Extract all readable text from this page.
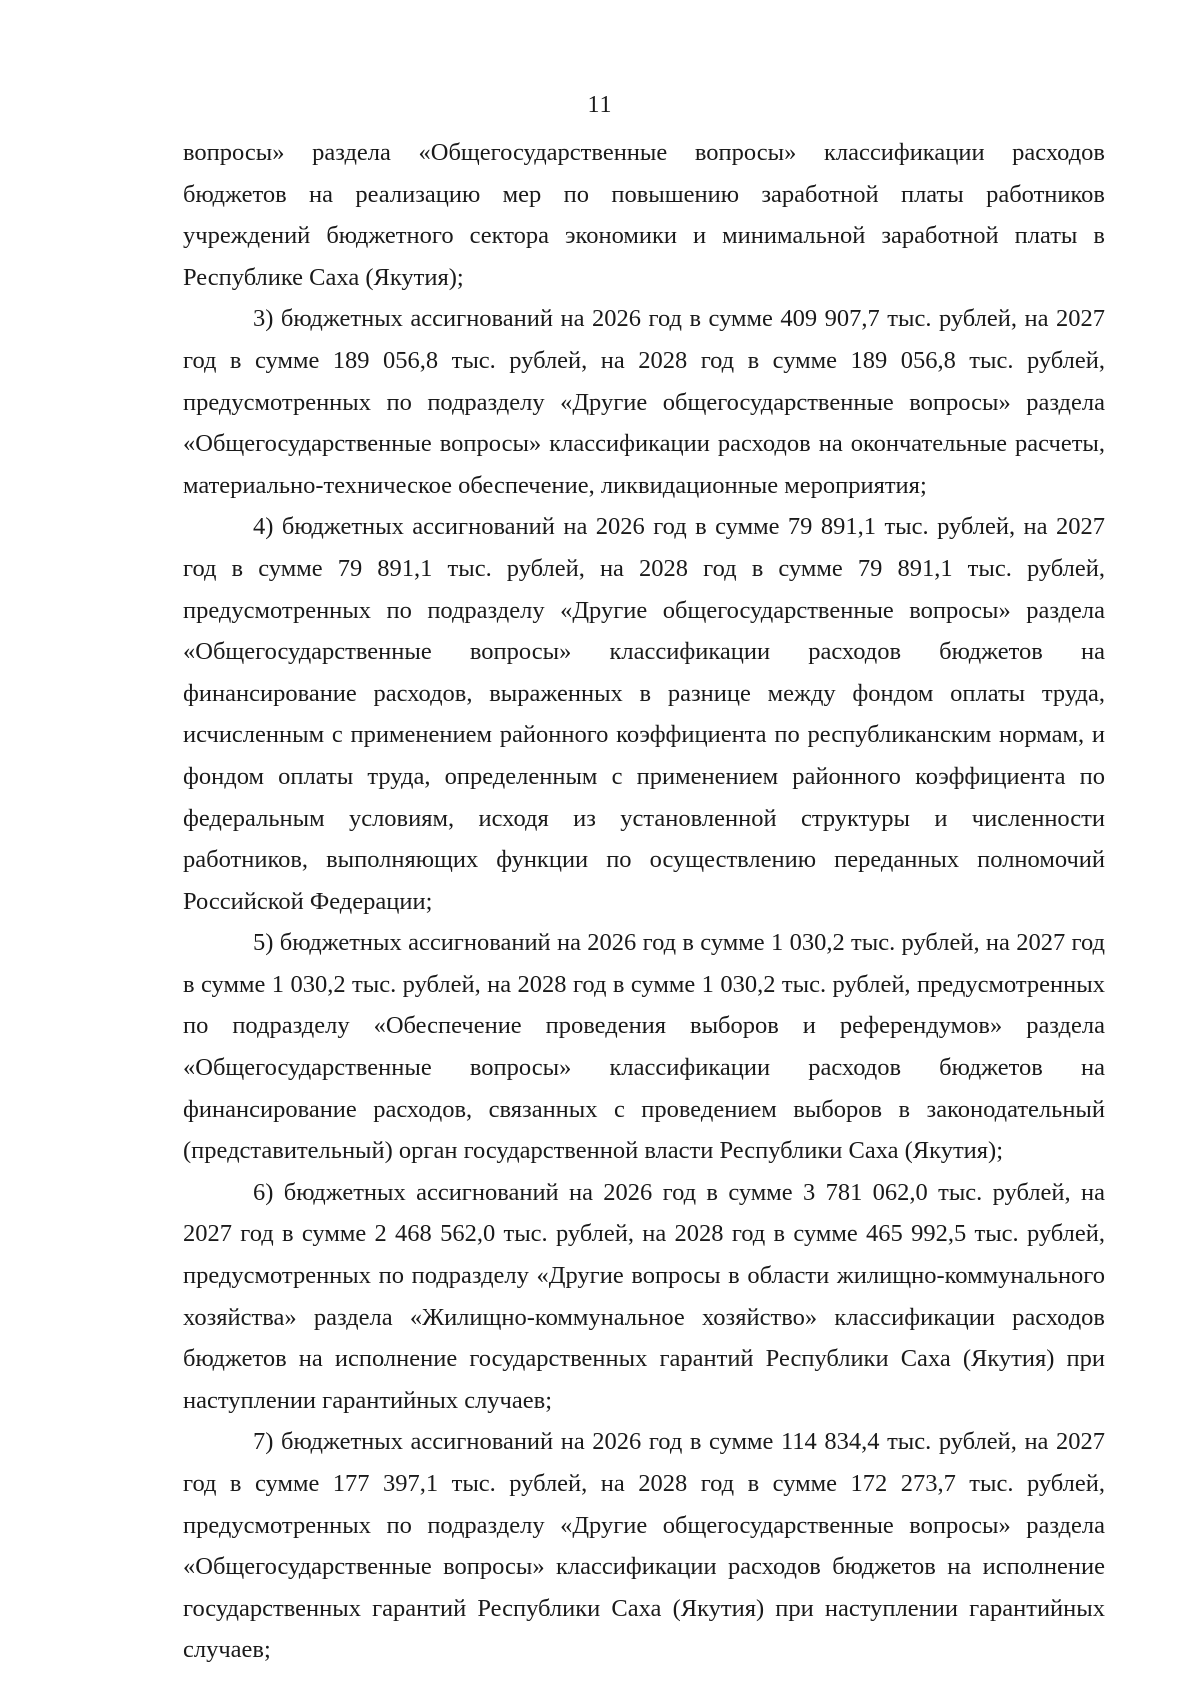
11

вопросы» раздела «Общегосударственные вопросы» классификации расходов бюджетов на реализацию мер по повышению заработной платы работников учреждений бюджетного сектора экономики и минимальной заработной платы в Республике Саха (Якутия);

3) бюджетных ассигнований на 2026 год в сумме 409 907,7 тыс. рублей, на 2027 год в сумме 189 056,8 тыс. рублей, на 2028 год в сумме 189 056,8 тыс. рублей, предусмотренных по подразделу «Другие общегосударственные вопросы» раздела «Общегосударственные вопросы» классификации расходов на окончательные расчеты, материально-техническое обеспечение, ликвидационные мероприятия;

4) бюджетных ассигнований на 2026 год в сумме 79 891,1 тыс. рублей, на 2027 год в сумме 79 891,1 тыс. рублей, на 2028 год в сумме 79 891,1 тыс. рублей, предусмотренных по подразделу «Другие общегосударственные вопросы» раздела «Общегосударственные вопросы» классификации расходов бюджетов на финансирование расходов, выраженных в разнице между фондом оплаты труда, исчисленным с применением районного коэффициента по республиканским нормам, и фондом оплаты труда, определенным с применением районного коэффициента по федеральным условиям, исходя из установленной структуры и численности работников, выполняющих функции по осуществлению переданных полномочий Российской Федерации;

5) бюджетных ассигнований на 2026 год в сумме 1 030,2 тыс. рублей, на 2027 год в сумме 1 030,2 тыс. рублей, на 2028 год в сумме 1 030,2 тыс. рублей, предусмотренных по подразделу «Обеспечение проведения выборов и референдумов» раздела «Общегосударственные вопросы» классификации расходов бюджетов на финансирование расходов, связанных с проведением выборов в законодательный (представительный) орган государственной власти Республики Саха (Якутия);

6) бюджетных ассигнований на 2026 год в сумме 3 781 062,0 тыс. рублей, на 2027 год в сумме 2 468 562,0 тыс. рублей, на 2028 год в сумме 465 992,5 тыс. рублей, предусмотренных по подразделу «Другие вопросы в области жилищно-коммунального хозяйства» раздела «Жилищно-коммунальное хозяйство» классификации расходов бюджетов на исполнение государственных гарантий Республики Саха (Якутия) при наступлении гарантийных случаев;

7) бюджетных ассигнований на 2026 год в сумме 114 834,4 тыс. рублей, на 2027 год в сумме 177 397,1 тыс. рублей, на 2028 год в сумме 172 273,7 тыс. рублей, предусмотренных по подразделу «Другие общегосударственные вопросы» раздела «Общегосударственные вопросы» классификации расходов бюджетов на исполнение государственных гарантий Республики Саха (Якутия) при наступлении гарантийных случаев;
